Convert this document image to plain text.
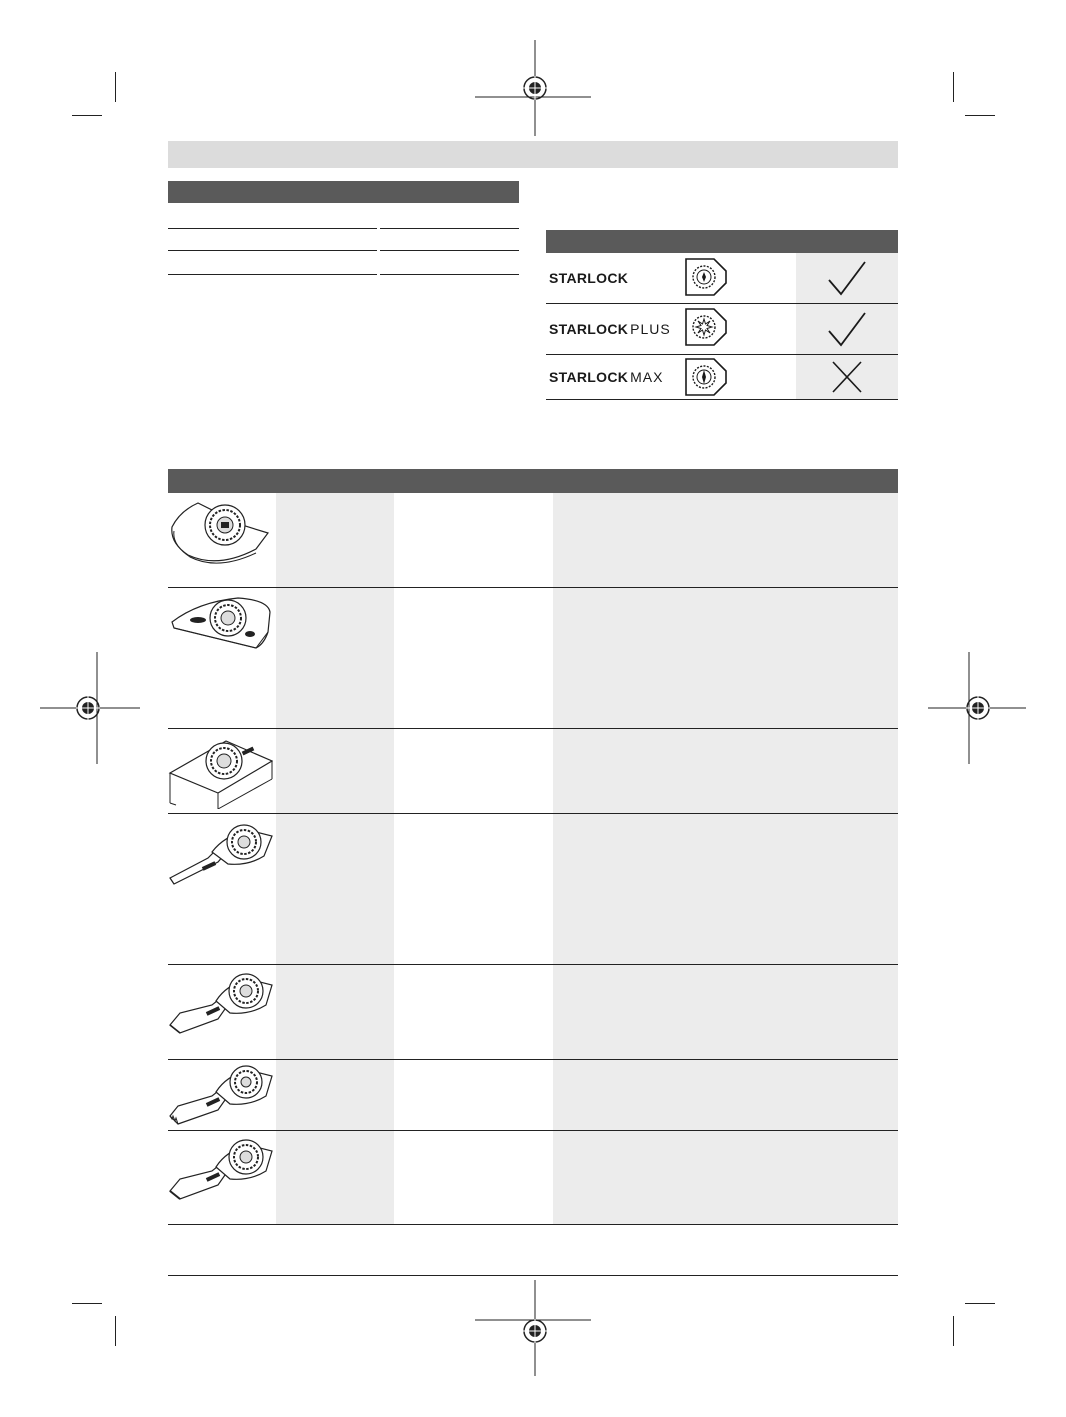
STARLOCK
STARLOCK PLUS
STARLOCK MAX
